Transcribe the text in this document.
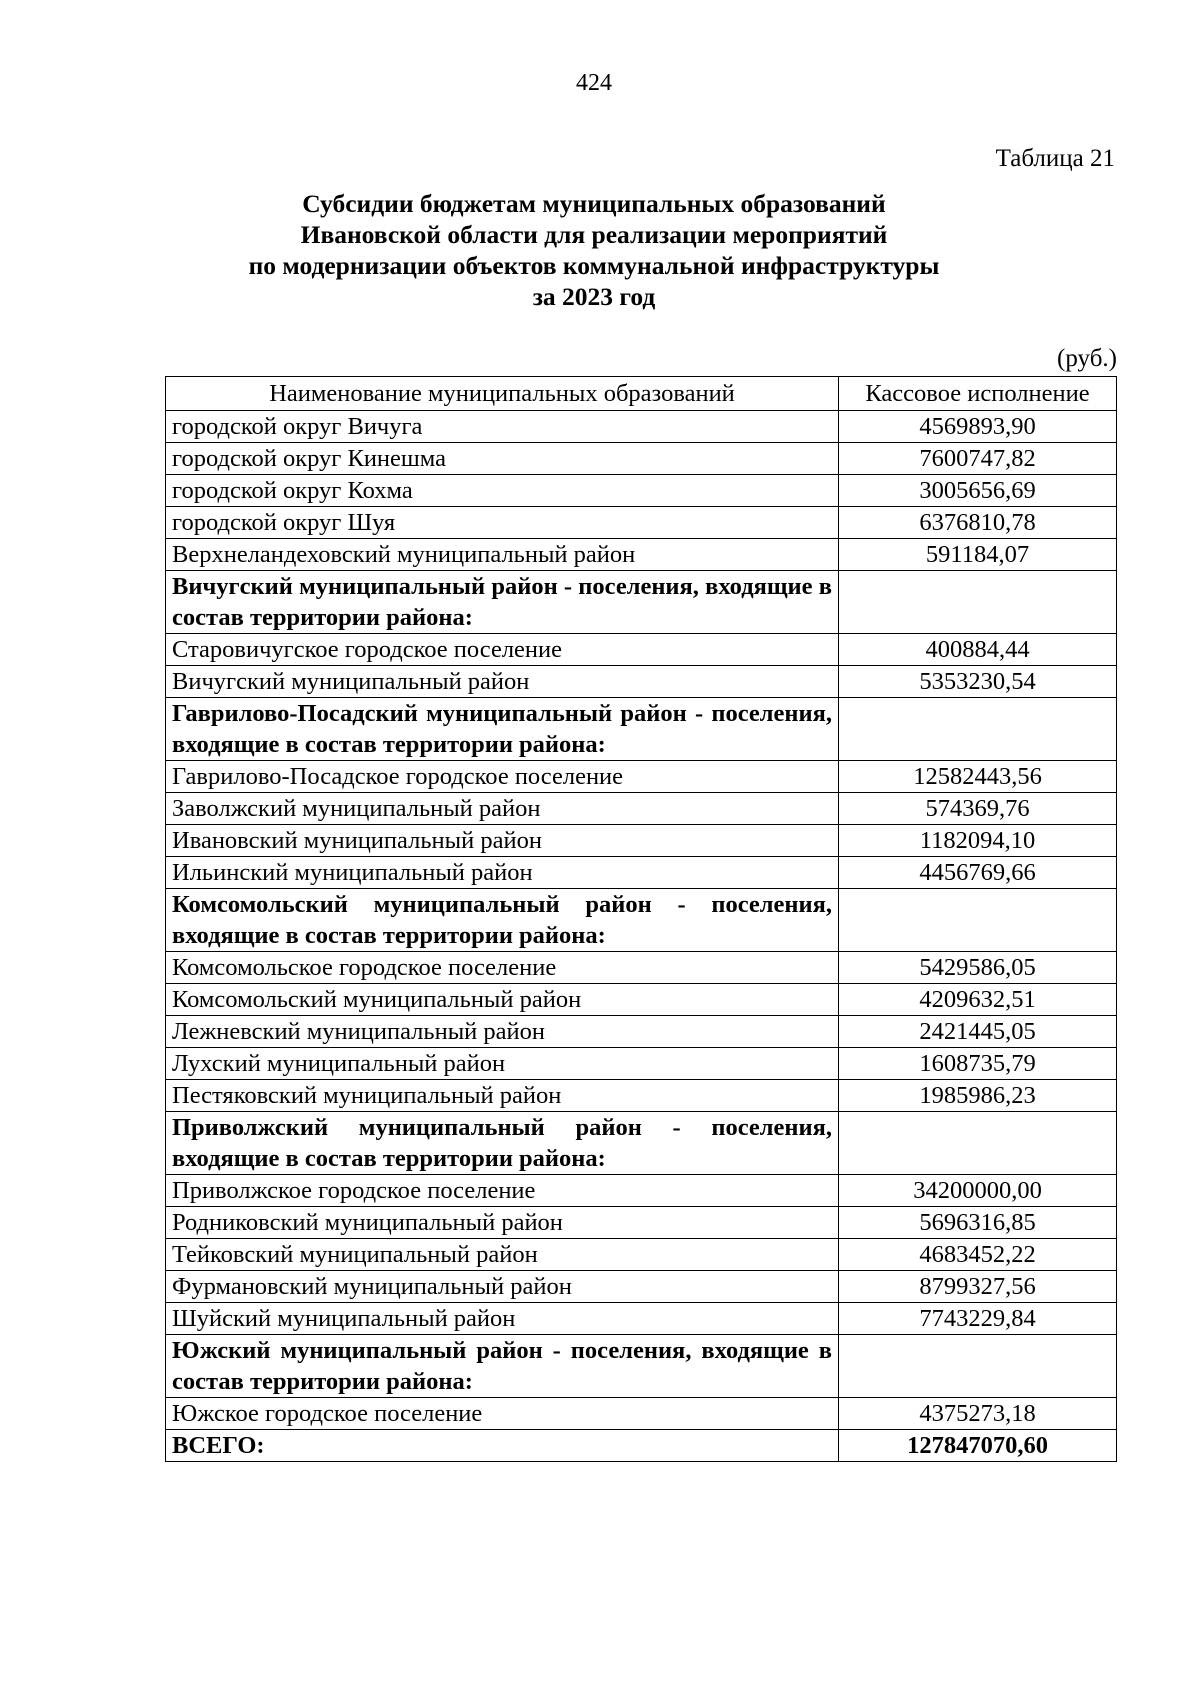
424
Таблица 21
Субсидии бюджетам муниципальных образований
Ивановской области для реализации мероприятий
по модернизации объектов коммунальной инфраструктуры
за 2023 год
(руб.)
Наименование муниципальных образований	Кассовое исполнение
городской округ Вичуга	4569893,90
городской округ Кинешма	7600747,82
городской округ Кохма	3005656,69
городской округ Шуя	6376810,78
Верхнеландеховский муниципальный район	591184,07
Вичугский муниципальный район - поселения, входящие в состав территории района:	
Старовичугское городское поселение	400884,44
Вичугский муниципальный район	5353230,54
Гаврилово-Посадский муниципальный район - поселения, входящие в состав территории района:	
Гаврилово-Посадское городское поселение	12582443,56
Заволжский муниципальный район	574369,76
Ивановский муниципальный район	1182094,10
Ильинский муниципальный район	4456769,66
Комсомольский муниципальный район - поселения, входящие в состав территории района:	
Комсомольское городское поселение	5429586,05
Комсомольский муниципальный район	4209632,51
Лежневский муниципальный район	2421445,05
Лухский муниципальный район	1608735,79
Пестяковский муниципальный район	1985986,23
Приволжский муниципальный район - поселения, входящие в состав территории района:	
Приволжское городское поселение	34200000,00
Родниковский муниципальный район	5696316,85
Тейковский муниципальный район	4683452,22
Фурмановский муниципальный район	8799327,56
Шуйский муниципальный район	7743229,84
Южский муниципальный район - поселения, входящие в состав территории района:	
Южское городское поселение	4375273,18
ВСЕГО:	127847070,60
